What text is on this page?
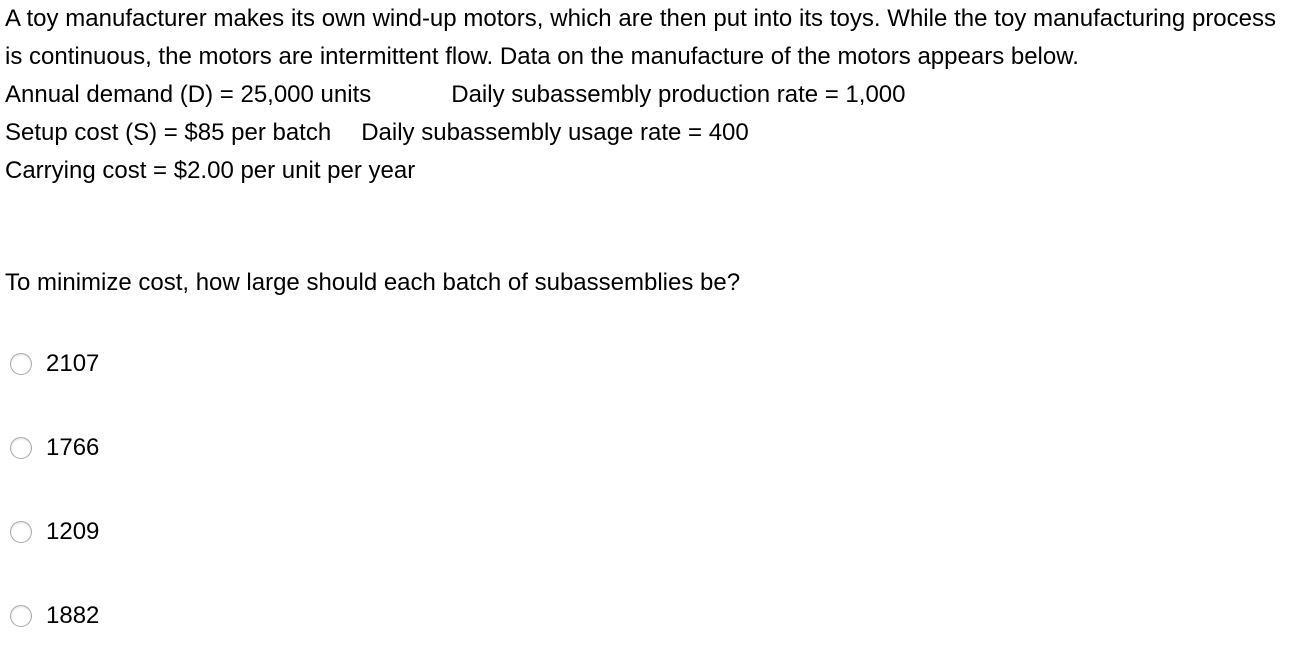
A toy manufacturer makes its own wind-up motors, which are then put into its toys. While the toy manufacturing process is continuous, the motors are intermittent flow. Data on the manufacture of the motors appears below.

Annual demand (D) = 25,000 units	Daily subassembly production rate = 1,000
Setup cost (S) = $85 per batch Daily subassembly usage rate = 400
Carrying cost = $2.00 per unit per year
To minimize cost, how large should each batch of subassemblies be?
2107
1766
1209
1882
